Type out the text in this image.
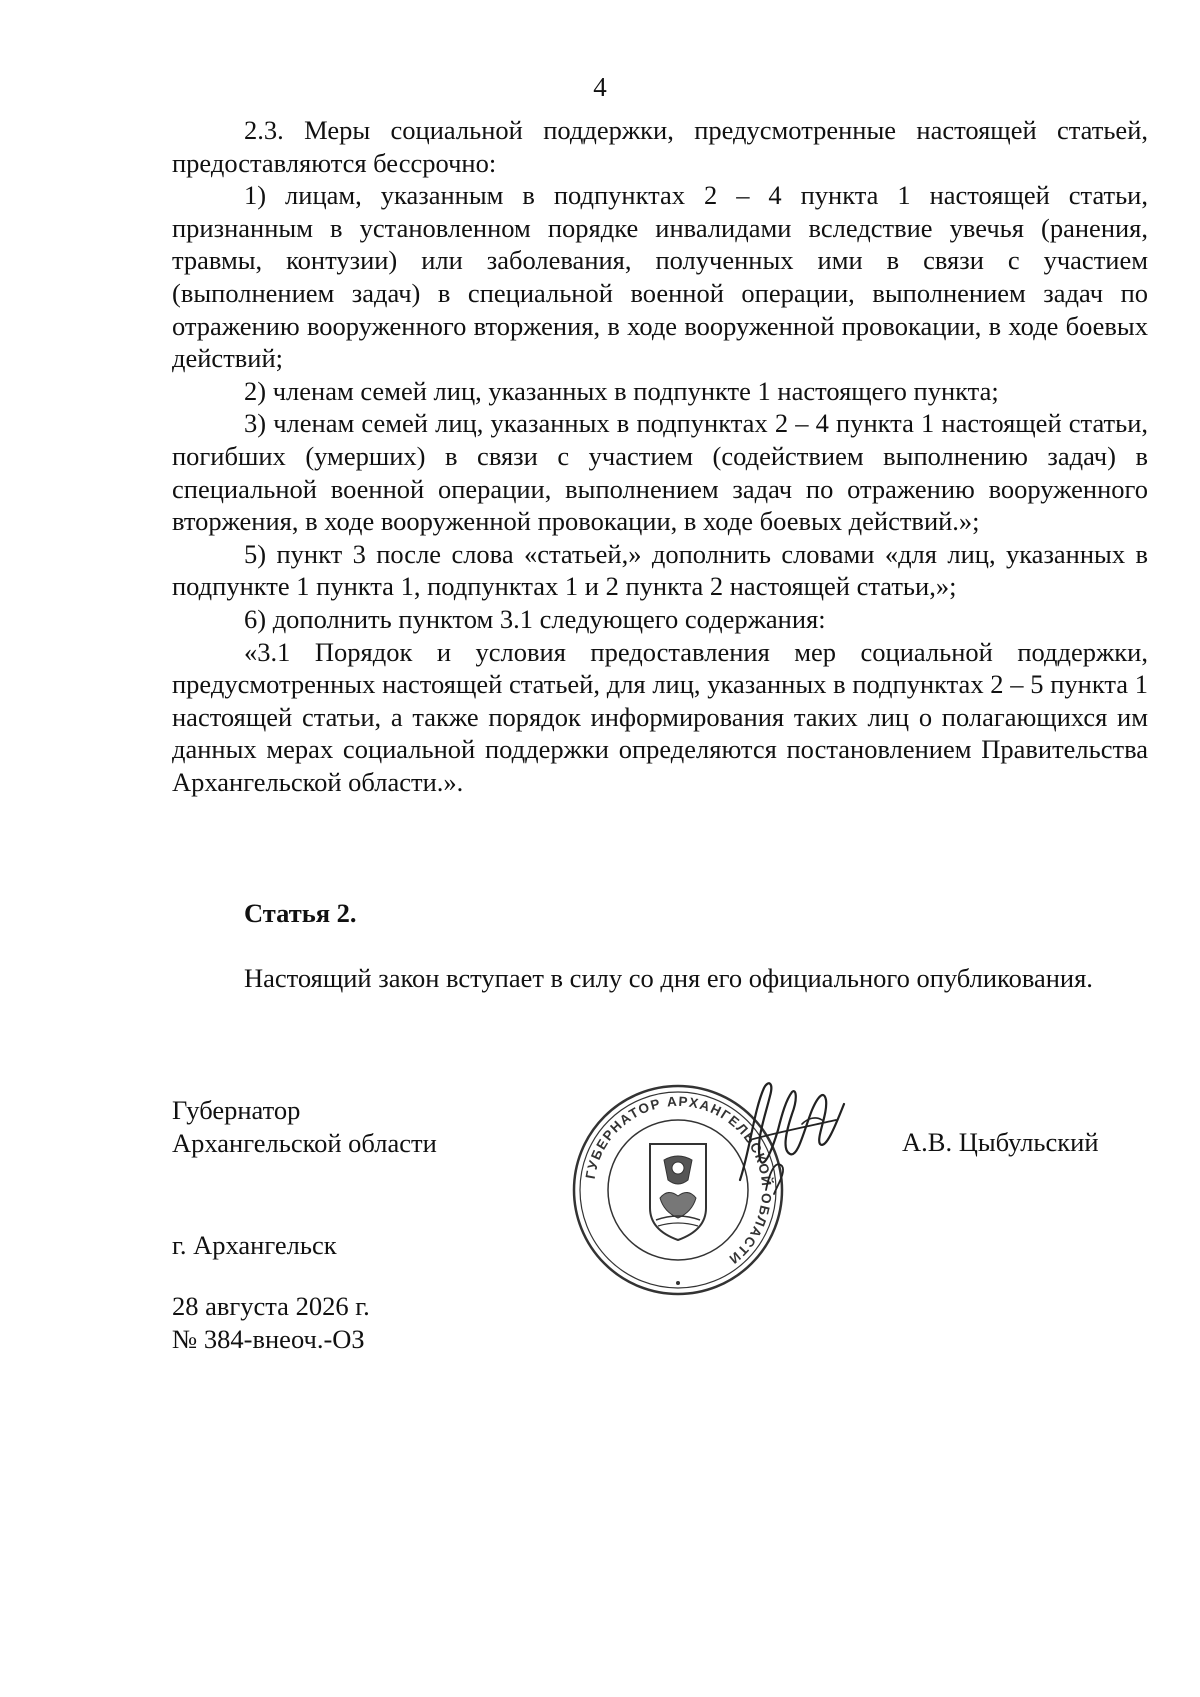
4

2.3. Меры социальной поддержки, предусмотренные настоящей статьей, предоставляются бессрочно:

1) лицам, указанным в подпунктах 2 – 4 пункта 1 настоящей статьи, признанным в установленном порядке инвалидами вследствие увечья (ранения, травмы, контузии) или заболевания, полученных ими в связи с участием (выполнением задач) в специальной военной операции, выполнением задач по отражению вооруженного вторжения, в ходе вооруженной провокации, в ходе боевых действий;

2) членам семей лиц, указанных в подпункте 1 настоящего пункта;

3) членам семей лиц, указанных в подпунктах 2 – 4 пункта 1 настоящей статьи, погибших (умерших) в связи с участием (содействием выполнению задач) в специальной военной операции, выполнением задач по отражению вооруженного вторжения, в ходе вооруженной провокации, в ходе боевых действий.»;

5) пункт 3 после слова «статьей,» дополнить словами «для лиц, указанных в подпункте 1 пункта 1, подпунктах 1 и 2 пункта 2 настоящей статьи,»;

6) дополнить пунктом 3.1 следующего содержания:

«3.1 Порядок и условия предоставления мер социальной поддержки, предусмотренных настоящей статьей, для лиц, указанных в подпунктах 2 – 5 пункта 1 настоящей статьи, а также порядок информирования таких лиц о полагающихся им данных мерах социальной поддержки определяются постановлением Правительства Архангельской области.».

Статья 2.

Настоящий закон вступает в силу со дня его официального опубликования.

Губернатор
Архангельской области	А.В. Цыбульский
г. Архангельск
28 августа 2026 г.
№ 384-внеоч.-ОЗ
ГУБЕРНАТОР АРХАНГЕЛЬСКОЙ ОБЛАСТИ
